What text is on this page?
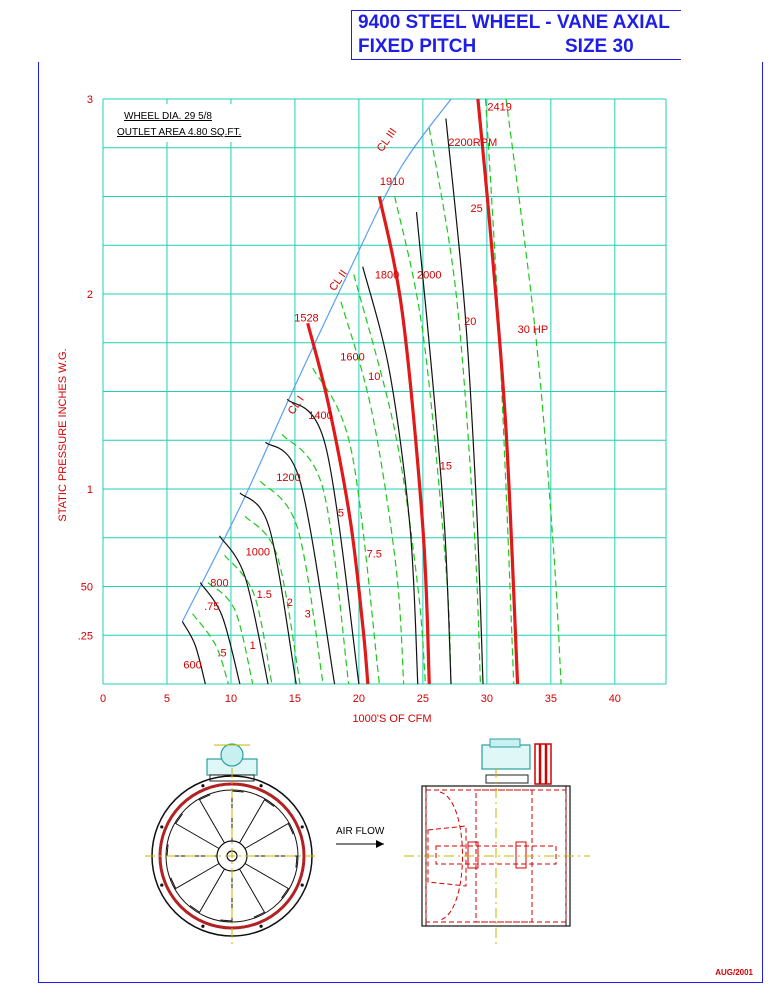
9400 STEEL WHEEL - VANE AXIAL
FIXED PITCH	SIZE 30
0	5	10	15	20	25	30	35	40
3
2
1
50
.25
.5
.75
1
1.5
2
3
5
7.5
10
15
20
25
30 HP
600
800
1000
1200
1400
1528
1600
1800
1910
2000
2200RPM
2419
CL I
CL II
CL III
WHEEL DIA. 29 5/8
OUTLET AREA 4.80 SQ.FT.
1000'S OF CFM
STATIC PRESSURE INCHES W.G.
AIR FLOW
AUG/2001
